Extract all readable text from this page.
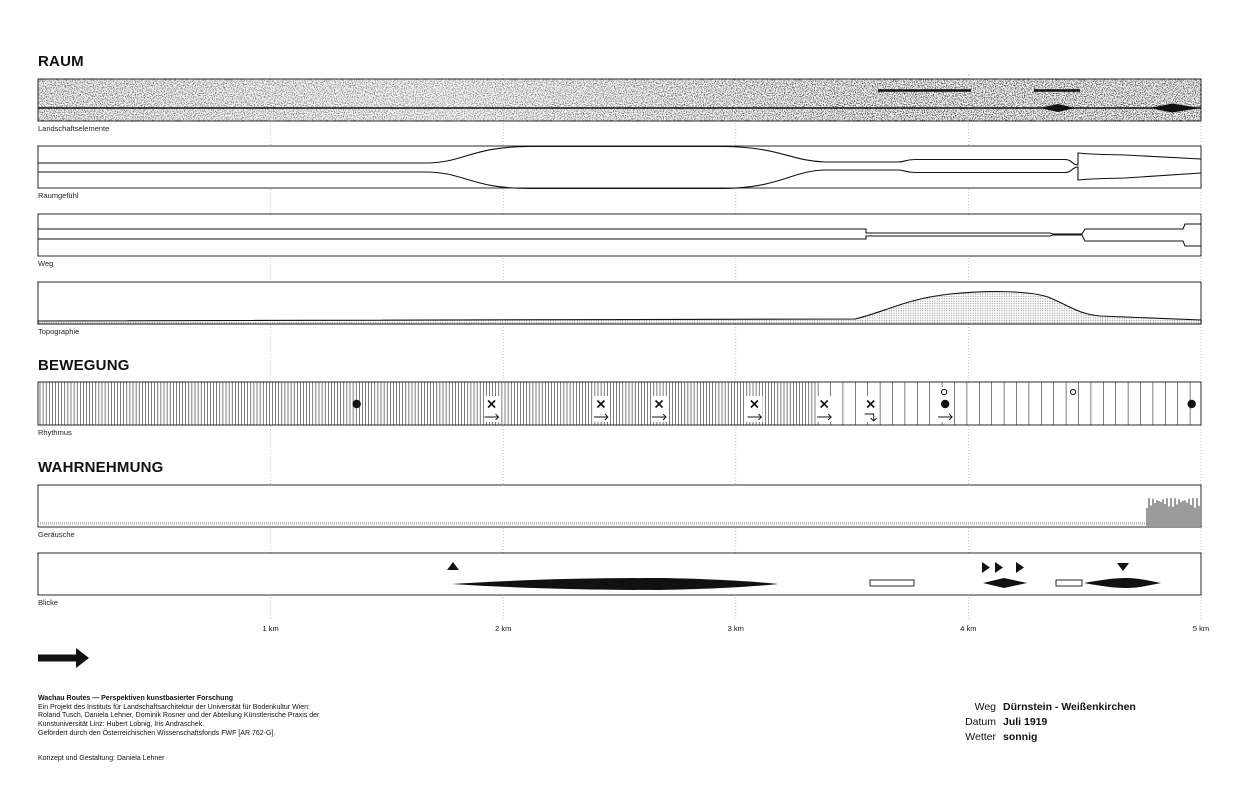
1 km	2 km	3 km	4 km	5 km
RAUM
BEWEGUNG
WAHRNEHMUNG
Landschaftselemente
Raumgefühl
Weg
Topographie
Rhythmus
Geräusche
Blicke
Wachau Routes — Perspektiven kunstbasierter Forschung
Ein Projekt des Instituts für Landschaftsarchitektur der Universität für Bodenkultur Wien:
Roland Tusch, Daniela Lehner, Dominik Rosner und der Abteilung Künstlerische Praxis der
Kunstuniversität Linz: Hubert Lobnig, Iris Andraschek.
Gefördert durch den Österreichischen Wissenschaftsfonds FWF [AR 762-G].
Konzept und Gestaltung: Daniela Lehner
Weg Dürnstein - Weißenkirchen
Datum Juli 1919
Wetter sonnig
